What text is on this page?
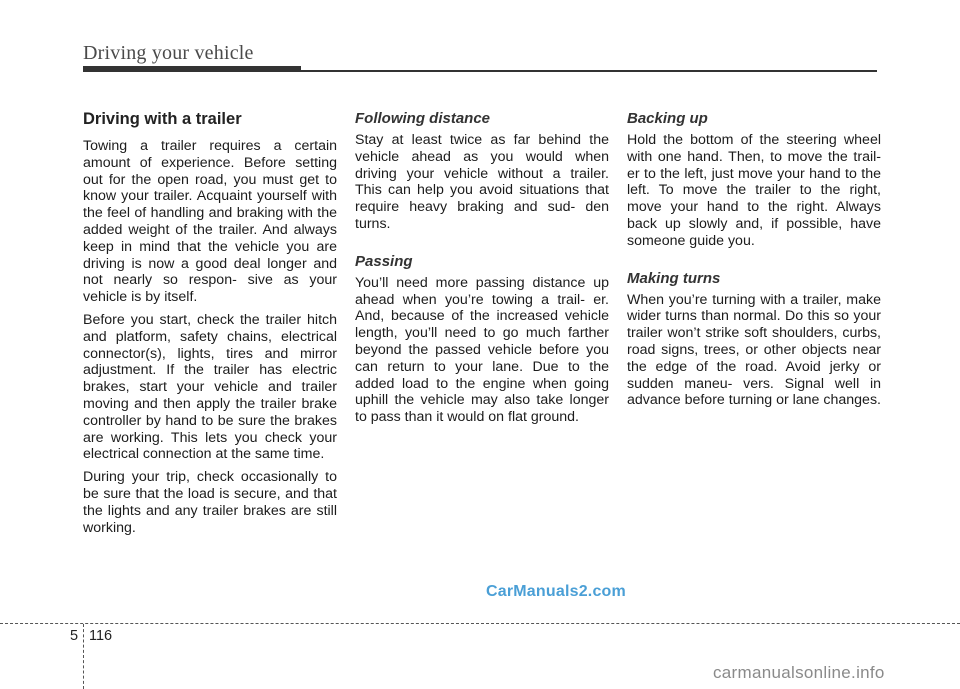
Driving your vehicle
Driving with a trailer

Towing a trailer requires a certain amount of experience. Before setting out for the open road, you must get to know your trailer. Acquaint yourself with the feel of handling and braking with the added weight of the trailer. And always keep in mind that the vehicle you are driving is now a good deal longer and not nearly so respon- sive as your vehicle is by itself.

Before you start, check the trailer hitch and platform, safety chains, electrical connector(s), lights, tires and mirror adjustment. If the trailer has electric brakes, start your vehicle and trailer moving and then apply the trailer brake controller by hand to be sure the brakes are working. This lets you check your electrical connection at the same time.

During your trip, check occasionally to be sure that the load is secure, and that the lights and any trailer brakes are still working.

Following distance

Stay at least twice as far behind the vehicle ahead as you would when driving your vehicle without a trailer. This can help you avoid situations that require heavy braking and sud- den turns.

Passing

You’ll need more passing distance up ahead when you’re towing a trail- er. And, because of the increased vehicle length, you’ll need to go much farther beyond the passed vehicle before you can return to your lane. Due to the added load to the engine when going uphill the vehicle may also take longer to pass than it would on flat ground.

Backing up

Hold the bottom of the steering wheel with one hand. Then, to move the trail- er to the left, just move your hand to the left. To move the trailer to the right, move your hand to the right. Always back up slowly and, if possible, have someone guide you.

Making turns

When you’re turning with a trailer, make wider turns than normal. Do this so your trailer won’t strike soft shoulders, curbs, road signs, trees, or other objects near the edge of the road. Avoid jerky or sudden maneu- vers. Signal well in advance before turning or lane changes.

CarManuals2.com
5 116
carmanualsonline.info
